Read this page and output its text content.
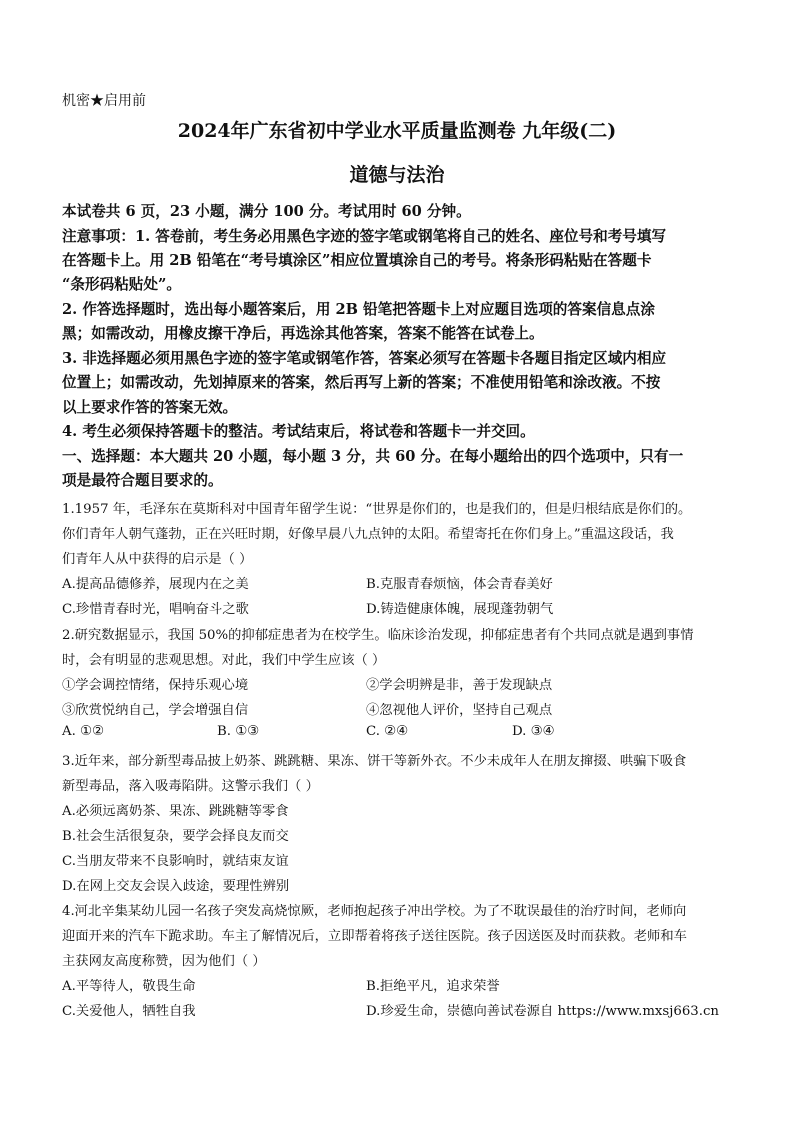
机密★启用前
2024年广东省初中学业水平质量监测卷 九年级(二)
道德与法治
本试卷共 6 页，23 小题，满分 100 分。考试用时 60 分钟。
注意事项：1. 答卷前，考生务必用黑色字迹的签字笔或钢笔将自己的姓名、座位号和考号填写
在答题卡上。用 2B 铅笔在“考号填涂区”相应位置填涂自己的考号。将条形码粘贴在答题卡
“条形码粘贴处”。
2. 作答选择题时，选出每小题答案后，用 2B 铅笔把答题卡上对应题目选项的答案信息点涂
黑；如需改动，用橡皮擦干净后，再选涂其他答案，答案不能答在试卷上。
3. 非选择题必须用黑色字迹的签字笔或钢笔作答，答案必须写在答题卡各题目指定区域内相应
位置上；如需改动，先划掉原来的答案，然后再写上新的答案；不准使用铅笔和涂改液。不按
以上要求作答的答案无效。
4. 考生必须保持答题卡的整洁。考试结束后，将试卷和答题卡一并交回。
一、选择题：本大题共 20 小题，每小题 3 分，共 60 分。在每小题给出的四个选项中，只有一
项是最符合题目要求的。
1.1957 年，毛泽东在莫斯科对中国青年留学生说：“世界是你们的，也是我们的，但是归根结底是你们的。
你们青年人朝气蓬勃，正在兴旺时期，好像早晨八九点钟的太阳。希望寄托在你们身上。”重温这段话，我
们青年人从中获得的启示是（ ）
A.提高品德修养，展现内在之美	B.克服青春烦恼，体会青春美好
C.珍惜青春时光，唱响奋斗之歌	D.铸造健康体魄，展现蓬勃朝气
2.研究数据显示，我国 50%的抑郁症患者为在校学生。临床诊治发现，抑郁症患者有个共同点就是遇到事情
时，会有明显的悲观思想。对此，我们中学生应该（ ）
①学会调控情绪，保持乐观心境	②学会明辨是非，善于发现缺点
③欣赏悦纳自己，学会增强自信	④忽视他人评价，坚持自己观点
A. ①②	B. ①③	C. ②④	D. ③④
3.近年来，部分新型毒品披上奶茶、跳跳糖、果冻、饼干等新外衣。不少未成年人在朋友撺掇、哄骗下吸食
新型毒品，落入吸毒陷阱。这警示我们（ ）
A.必须远离奶茶、果冻、跳跳糖等零食
B.社会生活很复杂，要学会择良友而交
C.当朋友带来不良影响时，就结束友谊
D.在网上交友会误入歧途，要理性辨别
4.河北辛集某幼儿园一名孩子突发高烧惊厥，老师抱起孩子冲出学校。为了不耽误最佳的治疗时间，老师向
迎面开来的汽车下跪求助。车主了解情况后，立即帮着将孩子送往医院。孩子因送医及时而获救。老师和车
主获网友高度称赞，因为他们（ ）
A.平等待人，敬畏生命	B.拒绝平凡，追求荣誉
C.关爱他人，牺牲自我	D.珍爱生命，崇德向善试卷源自 https://www.mxsj663.cn
